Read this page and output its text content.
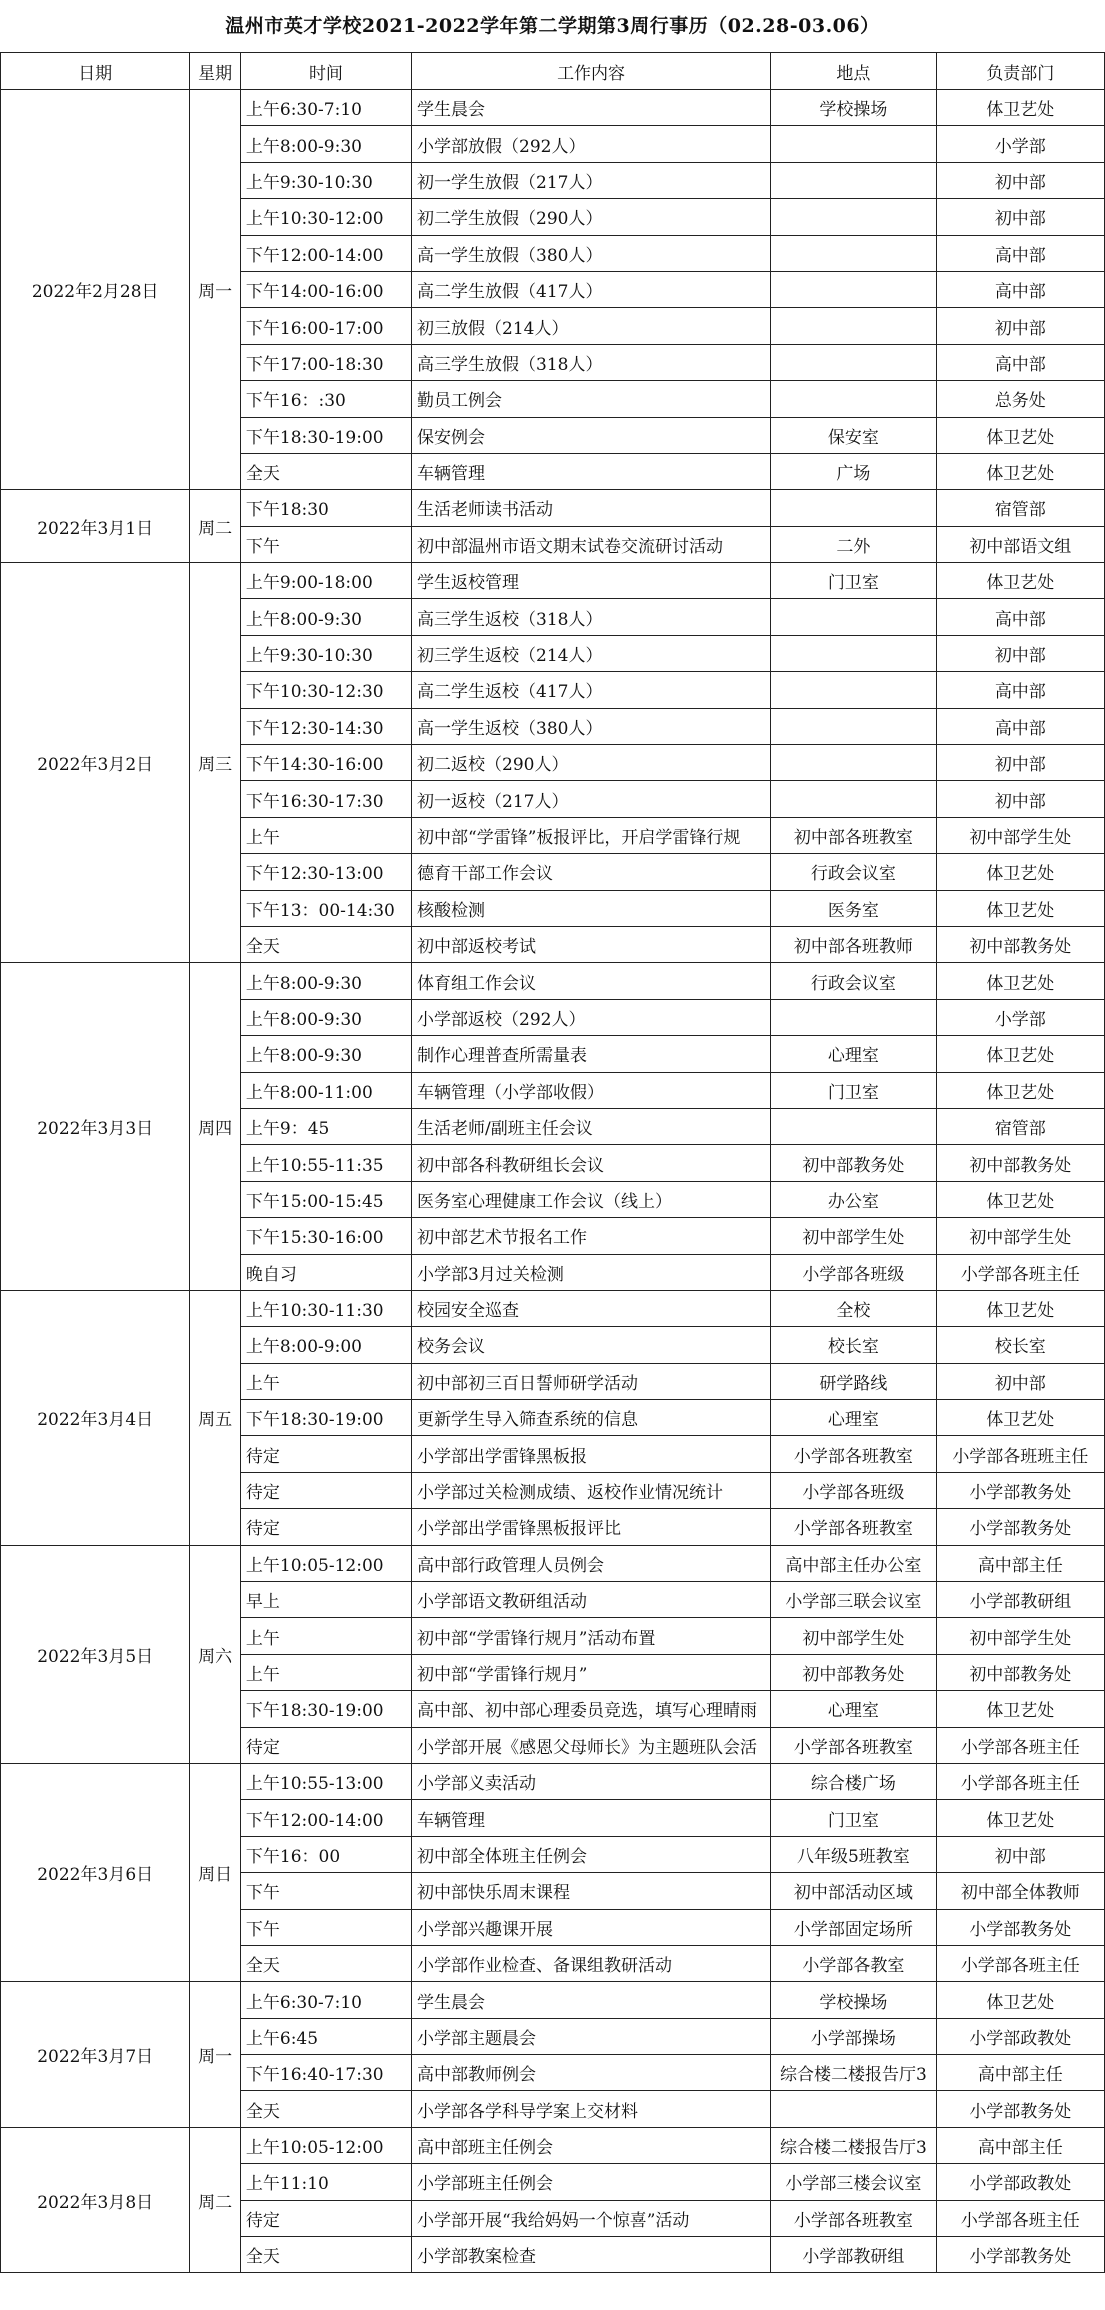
温州市英才学校2021-2022学年第二学期第3周行事历（02.28-03.06）
日期	星期	时间	工作内容	地点	负责部门
2022年2月28日	周一	上午6:30-7:10	学生晨会	学校操场	体卫艺处
		上午8:00-9:30	小学部放假（292人）		小学部
		上午9:30-10:30	初一学生放假（217人）		初中部
		上午10:30-12:00	初二学生放假（290人）		初中部
		下午12:00-14:00	高一学生放假（380人）		高中部
		下午14:00-16:00	高二学生放假（417人）		高中部
		下午16:00-17:00	初三放假（214人）		初中部
		下午17:00-18:30	高三学生放假（318人）		高中部
		下午16：:30	勤员工例会		总务处
		下午18:30-19:00	保安例会	保安室	体卫艺处
		全天	车辆管理	广场	体卫艺处
2022年3月1日	周二	下午18:30	生活老师读书活动		宿管部
		下午	初中部温州市语文期末试卷交流研讨活动	二外	初中部语文组
2022年3月2日	周三	上午9:00-18:00	学生返校管理	门卫室	体卫艺处
		上午8:00-9:30	高三学生返校（318人）		高中部
		上午9:30-10:30	初三学生返校（214人）		初中部
		下午10:30-12:30	高二学生返校（417人）		高中部
		下午12:30-14:30	高一学生返校（380人）		高中部
		下午14:30-16:00	初二返校（290人）		初中部
		下午16:30-17:30	初一返校（217人）		初中部
		上午	初中部“学雷锋”板报评比，开启学雷锋行规	初中部各班教室	初中部学生处
		下午12:30-13:00	德育干部工作会议	行政会议室	体卫艺处
		下午13：00-14:30	核酸检测	医务室	体卫艺处
		全天	初中部返校考试	初中部各班教师	初中部教务处
2022年3月3日	周四	上午8:00-9:30	体育组工作会议	行政会议室	体卫艺处
		上午8:00-9:30	小学部返校（292人）		小学部
		上午8:00-9:30	制作心理普查所需量表	心理室	体卫艺处
		上午8:00-11:00	车辆管理（小学部收假）	门卫室	体卫艺处
		上午9：45	生活老师/副班主任会议		宿管部
		上午10:55-11:35	初中部各科教研组长会议	初中部教务处	初中部教务处
		下午15:00-15:45	医务室心理健康工作会议（线上）	办公室	体卫艺处
		下午15:30-16:00	初中部艺术节报名工作	初中部学生处	初中部学生处
		晚自习	小学部3月过关检测	小学部各班级	小学部各班主任
2022年3月4日	周五	上午10:30-11:30	校园安全巡查	全校	体卫艺处
		上午8:00-9:00	校务会议	校长室	校长室
		上午	初中部初三百日誓师研学活动	研学路线	初中部
		下午18:30-19:00	更新学生导入筛查系统的信息	心理室	体卫艺处
		待定	小学部出学雷锋黑板报	小学部各班教室	小学部各班班主任
		待定	小学部过关检测成绩、返校作业情况统计	小学部各班级	小学部教务处
		待定	小学部出学雷锋黑板报评比	小学部各班教室	小学部教务处
2022年3月5日	周六	上午10:05-12:00	高中部行政管理人员例会	高中部主任办公室	高中部主任
		早上	小学部语文教研组活动	小学部三联会议室	小学部教研组
		上午	初中部“学雷锋行规月”活动布置	初中部学生处	初中部学生处
		上午	初中部“学雷锋行规月”	初中部教务处	初中部教务处
		下午18:30-19:00	高中部、初中部心理委员竞选，填写心理晴雨	心理室	体卫艺处
		待定	小学部开展《感恩父母师长》为主题班队会活	小学部各班教室	小学部各班主任
2022年3月6日	周日	上午10:55-13:00	小学部义卖活动	综合楼广场	小学部各班主任
		下午12:00-14:00	车辆管理	门卫室	体卫艺处
		下午16：00	初中部全体班主任例会	八年级5班教室	初中部
		下午	初中部快乐周末课程	初中部活动区域	初中部全体教师
		下午	小学部兴趣课开展	小学部固定场所	小学部教务处
		全天	小学部作业检查、备课组教研活动	小学部各教室	小学部各班主任
2022年3月7日	周一	上午6:30-7:10	学生晨会	学校操场	体卫艺处
		上午6:45	小学部主题晨会	小学部操场	小学部政教处
		下午16:40-17:30	高中部教师例会	综合楼二楼报告厅3	高中部主任
		全天	小学部各学科导学案上交材料		小学部教务处
2022年3月8日	周二	上午10:05-12:00	高中部班主任例会	综合楼二楼报告厅3	高中部主任
		上午11:10	小学部班主任例会	小学部三楼会议室	小学部政教处
		待定	小学部开展“我给妈妈一个惊喜”活动	小学部各班教室	小学部各班主任
		全天	小学部教案检查	小学部教研组	小学部教务处
